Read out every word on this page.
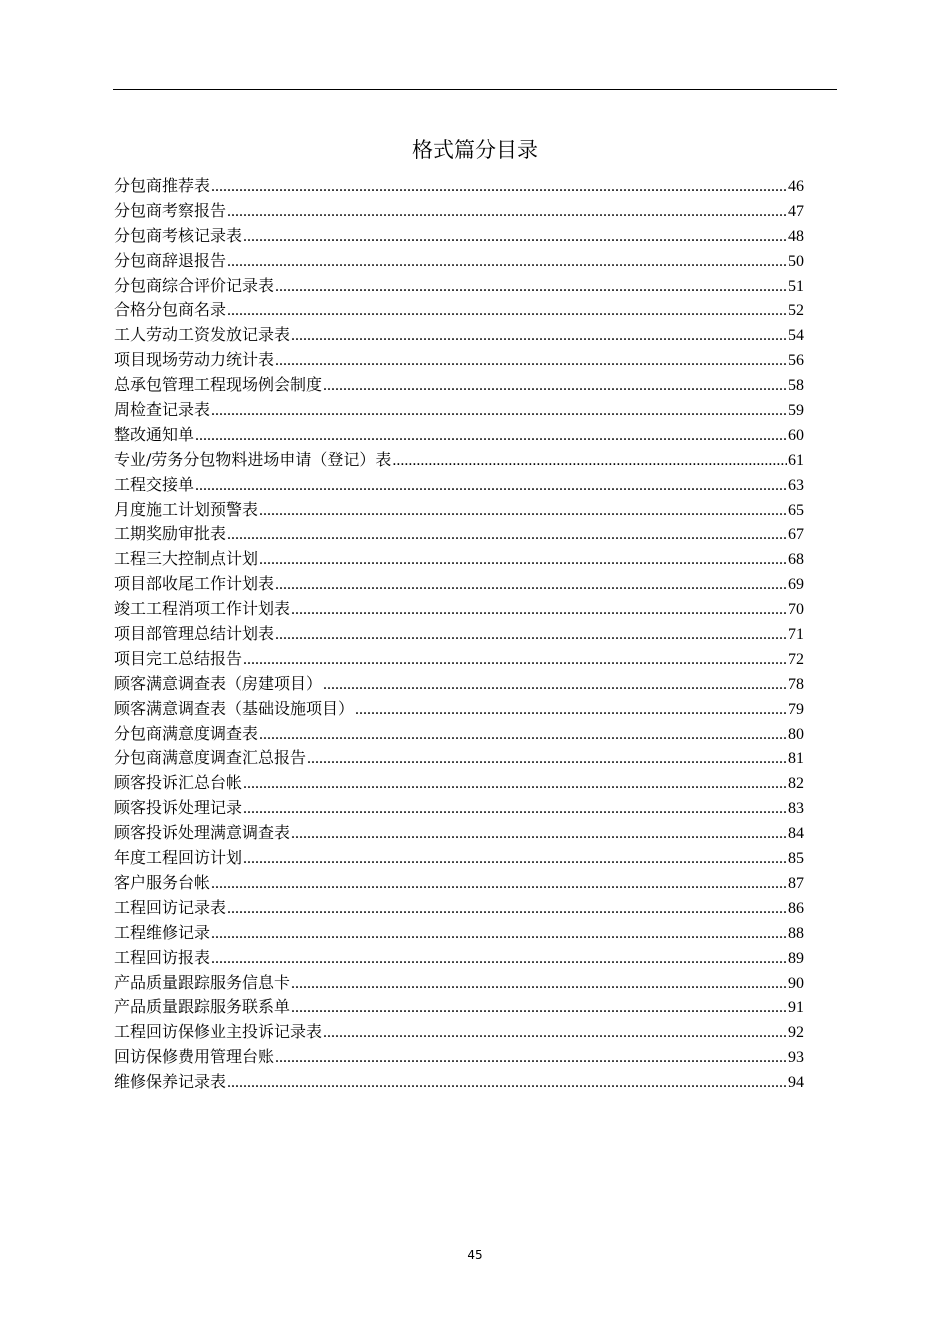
格式篇分目录
分包商推荐表 .....	46
分包商考察报告 .....	47
分包商考核记录表 .....	48
分包商辞退报告 .....	50
分包商综合评价记录表 .....	51
合格分包商名录 .....	52
工人劳动工资发放记录表 .....	54
项目现场劳动力统计表 .....	56
总承包管理工程现场例会制度 .....	58
周检查记录表 .....	59
整改通知单 .....	60
专业/劳务分包物料进场申请（登记）表 .....	61
工程交接单 .....	63
月度施工计划预警表 .....	65
工期奖励审批表 .....	67
工程三大控制点计划 .....	68
项目部收尾工作计划表 .....	69
竣工工程消项工作计划表 .....	70
项目部管理总结计划表 .....	71
项目完工总结报告 .....	72
顾客满意调查表（房建项目） .....	78
顾客满意调查表（基础设施项目） .....	79
分包商满意度调查表 .....	80
分包商满意度调查汇总报告 .....	81
顾客投诉汇总台帐 .....	82
顾客投诉处理记录 .....	83
顾客投诉处理满意调查表 .....	84
年度工程回访计划 .....	85
客户服务台帐 .....	87
工程回访记录表 .....	86
工程维修记录 .....	88
工程回访报表 .....	89
产品质量跟踪服务信息卡 .....	90
产品质量跟踪服务联系单 .....	91
工程回访保修业主投诉记录表 .....	92
回访保修费用管理台账 .....	93
维修保养记录表 .....	94
45
